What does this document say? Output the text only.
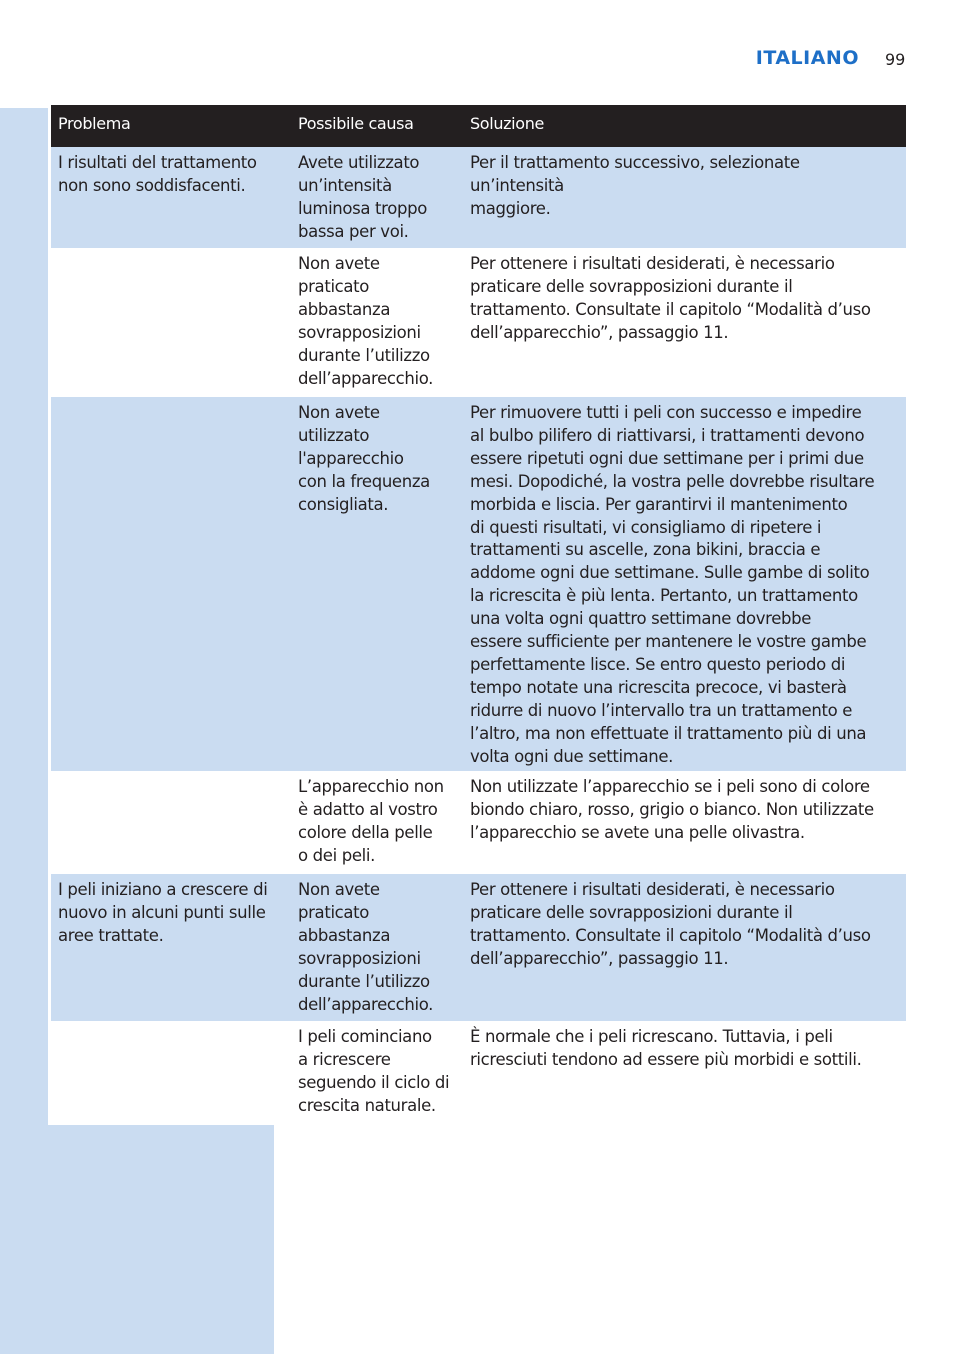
ITALIANO 99
Problema	Possibile causa	Soluzione
I risultati del trattamento
non sono soddisfacenti.
Avete utilizzato
un’intensità
luminosa troppo
bassa per voi.
Per il trattamento successivo, selezionate un’intensità
maggiore.
Non avete
praticato
abbastanza
sovrapposizioni
durante l’utilizzo
dell’apparecchio.
Per ottenere i risultati desiderati, è necessario
praticare delle sovrapposizioni durante il
trattamento. Consultate il capitolo “Modalità d’uso
dell’apparecchio”, passaggio 11.
Non avete
utilizzato
l'apparecchio
con la frequenza
consigliata.
Per rimuovere tutti i peli con successo e impedire
al bulbo pilifero di riattivarsi, i trattamenti devono
essere ripetuti ogni due settimane per i primi due
mesi. Dopodiché, la vostra pelle dovrebbe risultare
morbida e liscia. Per garantirvi il mantenimento
di questi risultati, vi consigliamo di ripetere i
trattamenti su ascelle, zona bikini, braccia e
addome ogni due settimane. Sulle gambe di solito
la ricrescita è più lenta. Pertanto, un trattamento
una volta ogni quattro settimane dovrebbe
essere sufficiente per mantenere le vostre gambe
perfettamente lisce. Se entro questo periodo di
tempo notate una ricrescita precoce, vi basterà
ridurre di nuovo l’intervallo tra un trattamento e
l’altro, ma non effettuate il trattamento più di una
volta ogni due settimane.
L’apparecchio non
è adatto al vostro
colore della pelle
o dei peli.
Non utilizzate l’apparecchio se i peli sono di colore
biondo chiaro, rosso, grigio o bianco. Non utilizzate
l’apparecchio se avete una pelle olivastra.
I peli iniziano a crescere di
nuovo in alcuni punti sulle
aree trattate.
Non avete
praticato
abbastanza
sovrapposizioni
durante l’utilizzo
dell’apparecchio.
Per ottenere i risultati desiderati, è necessario
praticare delle sovrapposizioni durante il
trattamento. Consultate il capitolo “Modalità d’uso
dell’apparecchio”, passaggio 11.
I peli cominciano
a ricrescere
seguendo il ciclo di
crescita naturale.
È normale che i peli ricrescano. Tuttavia, i peli
ricresciuti tendono ad essere più morbidi e sottili.
